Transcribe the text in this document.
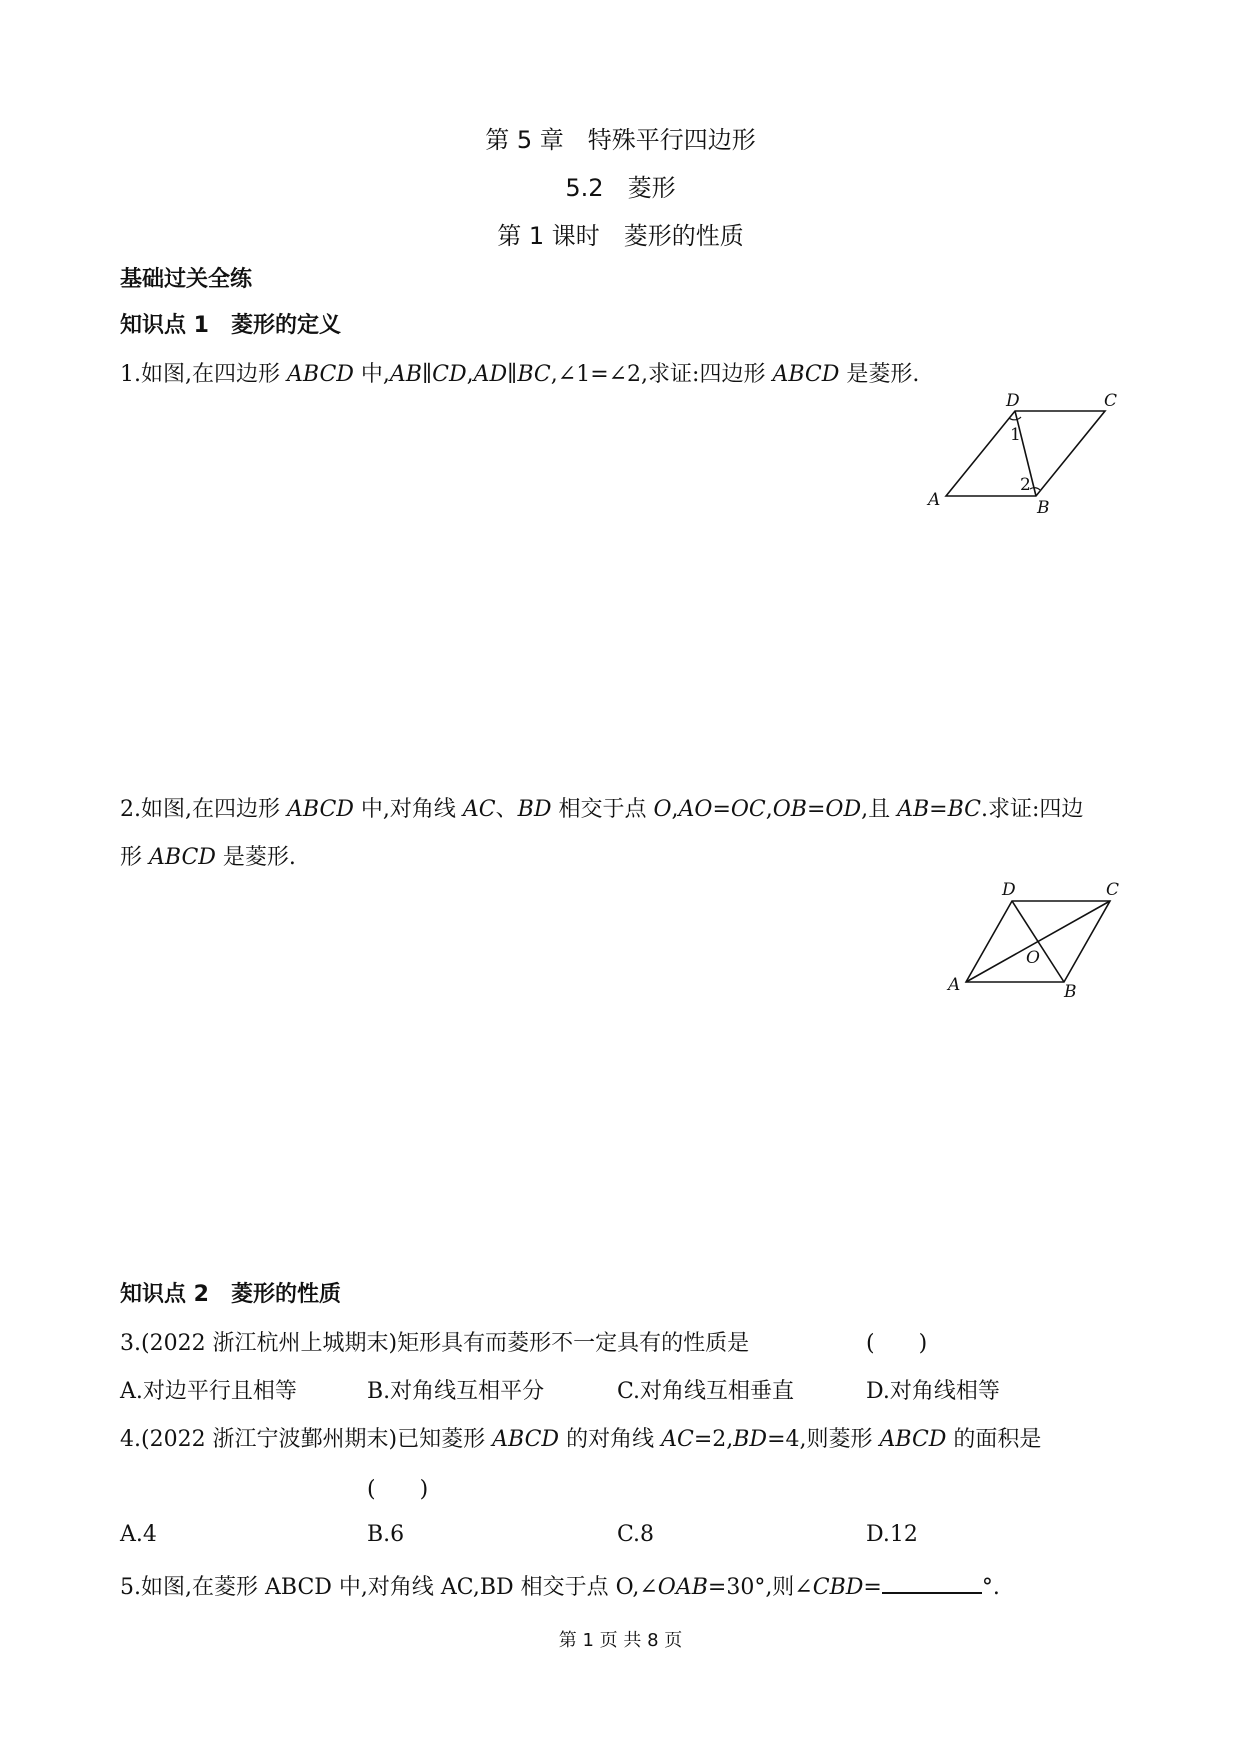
第 5 章　特殊平行四边形
5.2　菱形
第 1 课时　菱形的性质
基础过关全练
知识点 1　菱形的定义
1.如图,在四边形 ABCD 中,AB∥CD,AD∥BC,∠1=∠2,求证:四边形 ABCD 是菱形.
A	B
C
D
1
2
2.如图,在四边形 ABCD 中,对角线 AC、BD 相交于点 O,AO=OC,OB=OD,且 AB=BC.求证:四边
形 ABCD 是菱形.
A	B
C
D
O
知识点 2　菱形的性质
3.(2022 浙江杭州上城期末)矩形具有而菱形不一定具有的性质是	(　　)
A.对边平行且相等	B.对角线互相平分	C.对角线互相垂直	D.对角线相等
4.(2022 浙江宁波鄞州期末)已知菱形 ABCD 的对角线 AC=2,BD=4,则菱形 ABCD 的面积是
(　　)
A.4	B.6	C.8	D.12
5.如图,在菱形 ABCD 中,对角线 AC,BD 相交于点 O,∠OAB=30°,则∠CBD=	°.
第 1 页 共 8 页
